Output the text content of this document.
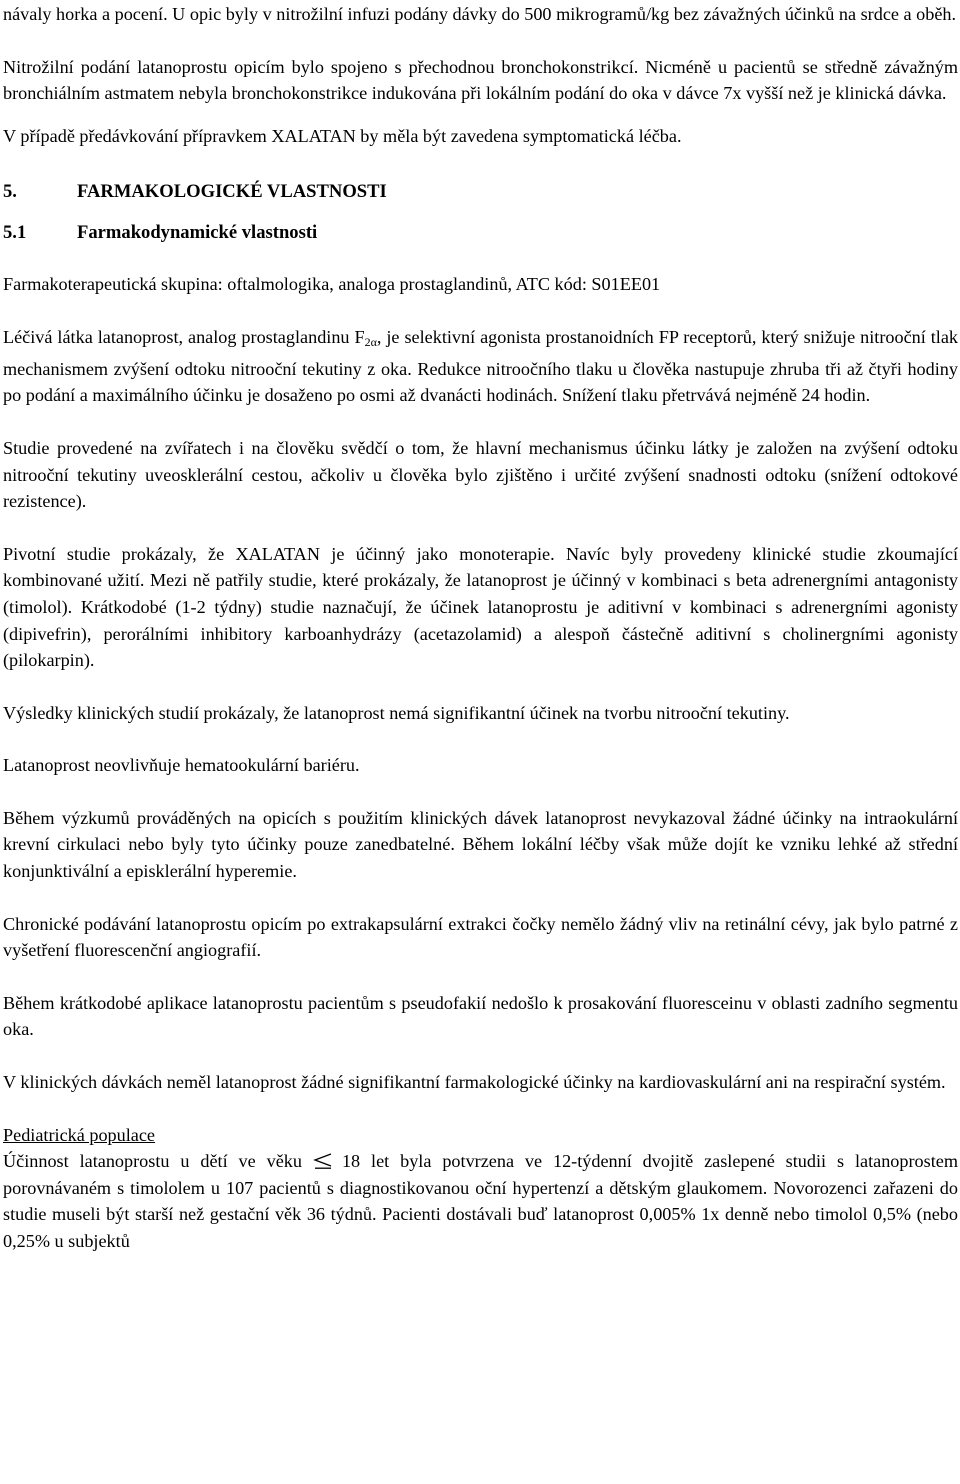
návaly horka a pocení. U opic byly v nitrožilní infuzi podány dávky do 500 mikrogramů/kg bez závažných účinků na srdce a oběh.

Nitrožilní podání latanoprostu opicím bylo spojeno s přechodnou bronchokonstrikcí. Nicméně u pacientů se středně závažným bronchiálním astmatem nebyla bronchokonstrikce indukována při lokálním podání do oka v dávce 7x vyšší než je klinická dávka.

V případě předávkování přípravkem XALATAN by měla být zavedena symptomatická léčba.

5.	FARMAKOLOGICKÉ VLASTNOSTI
5.1	Farmakodynamické vlastnosti

Farmakoterapeutická skupina: oftalmologika, analoga prostaglandinů, ATC kód: S01EE01

Léčivá látka latanoprost, analog prostaglandinu $F_{2\alpha}$, je selektivní agonista prostanoidních FP receptorů, který snižuje nitrooční tlak mechanismem zvýšení odtoku nitrooční tekutiny z oka. Redukce nitroočního tlaku u člověka nastupuje zhruba tři až čtyři hodiny po podání a maximálního účinku je dosaženo po osmi až dvanácti hodinách. Snížení tlaku přetrvává nejméně 24 hodin.

Studie provedené na zvířatech i na člověku svědčí o tom, že hlavní mechanismus účinku látky je založen na zvýšení odtoku nitrooční tekutiny uveosklerální cestou, ačkoliv u člověka bylo zjištěno i určité zvýšení snadnosti odtoku (snížení odtokové rezistence).

Pivotní studie prokázaly, že XALATAN je účinný jako monoterapie. Navíc byly provedeny klinické studie zkoumající kombinované užití. Mezi ně patřily studie, které prokázaly, že latanoprost je účinný v kombinaci s beta adrenergními antagonisty (timolol). Krátkodobé (1-2 týdny) studie naznačují, že účinek latanoprostu je aditivní v kombinaci s adrenergními agonisty (dipivefrin), perorálními inhibitory karboanhydrázy (acetazolamid) a alespoň částečně aditivní s cholinergními agonisty (pilokarpin).

Výsledky klinických studií prokázaly, že latanoprost nemá signifikantní účinek na tvorbu nitrooční tekutiny.

Latanoprost neovlivňuje hematookulární bariéru.

Během výzkumů prováděných na opicích s použitím klinických dávek latanoprost nevykazoval žádné účinky na intraokulární krevní cirkulaci nebo byly tyto účinky pouze zanedbatelné. Během lokální léčby však může dojít ke vzniku lehké až střední konjunktivální a episklerální hyperemie.

Chronické podávání latanoprostu opicím po extrakapsulární extrakci čočky nemělo žádný vliv na retinální cévy, jak bylo patrné z vyšetření fluorescenční angiografií.

Během krátkodobé aplikace latanoprostu pacientům s pseudofakií nedošlo k prosakování fluoresceinu v oblasti zadního segmentu oka.

V klinických dávkách neměl latanoprost žádné signifikantní farmakologické účinky na kardiovaskulární ani na respirační systém.

Pediatrická populace

Účinnost latanoprostu u dětí ve věku 18 let byla potvrzena ve 12-týdenní dvojitě zaslepené studii s latanoprostem porovnávaném s timololem u 107 pacientů s diagnostikovanou oční hypertenzí a dětským glaukomem. Novorozenci zařazeni do studie museli být starší než gestační věk 36 týdnů. Pacienti dostávali buď latanoprost 0,005% 1x denně nebo timolol 0,5% (nebo 0,25% u subjektů
